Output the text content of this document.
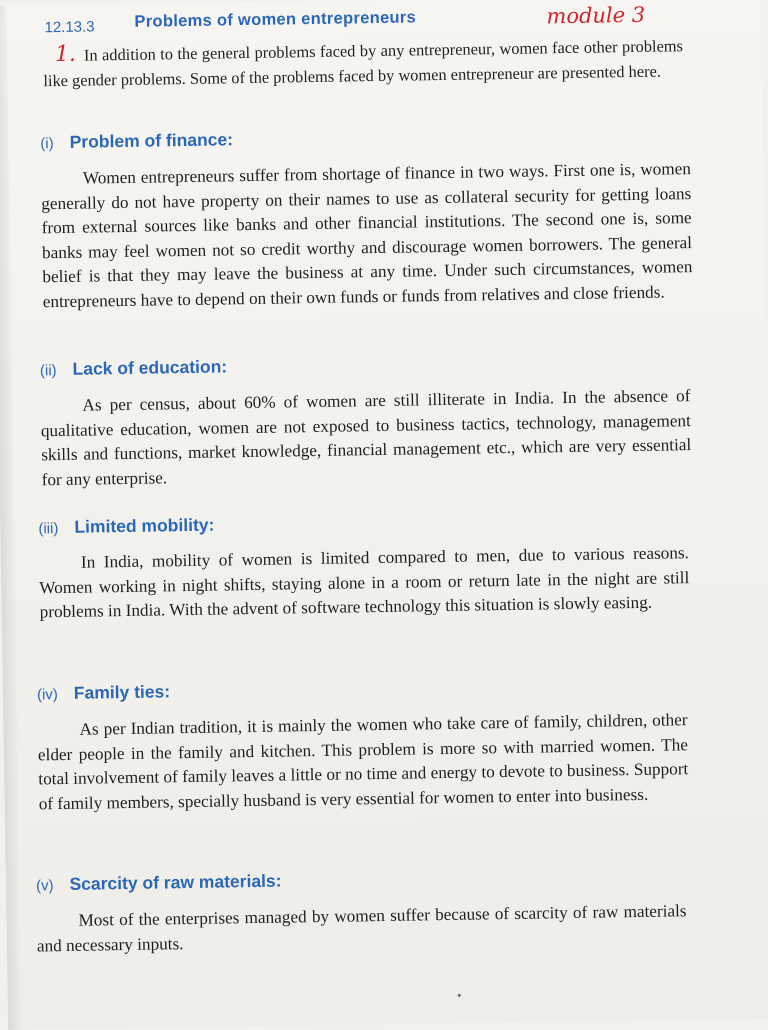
12.13.3 Problems of women entrepreneurs	module 3

1. In addition to the general problems faced by any entrepreneur, women face other problems like gender problems. Some of the problems faced by women entrepreneur are presented here.

(i) Problem of finance:

Women entrepreneurs suffer from shortage of finance in two ways. First one is, women generally do not have property on their names to use as collateral security for getting loans from external sources like banks and other financial institutions. The second one is, some banks may feel women not so credit worthy and discourage women borrowers. The general belief is that they may leave the business at any time. Under such circumstances, women entrepreneurs have to depend on their own funds or funds from relatives and close friends.

(ii) Lack of education:

As per census, about 60% of women are still illiterate in India. In the absence of qualitative education, women are not exposed to business tactics, technology, management skills and functions, market knowledge, financial management etc., which are very essential for any enterprise.

(iii) Limited mobility:

In India, mobility of women is limited compared to men, due to various reasons. Women working in night shifts, staying alone in a room or return late in the night are still problems in India. With the advent of software technology this situation is slowly easing.

(iv) Family ties:

As per Indian tradition, it is mainly the women who take care of family, children, other elder people in the family and kitchen. This problem is more so with married women. The total involvement of family leaves a little or no time and energy to devote to business. Support of family members, specially husband is very essential for women to enter into business.

(v) Scarcity of raw materials:

Most of the enterprises managed by women suffer because of scarcity of raw materials and necessary inputs.
